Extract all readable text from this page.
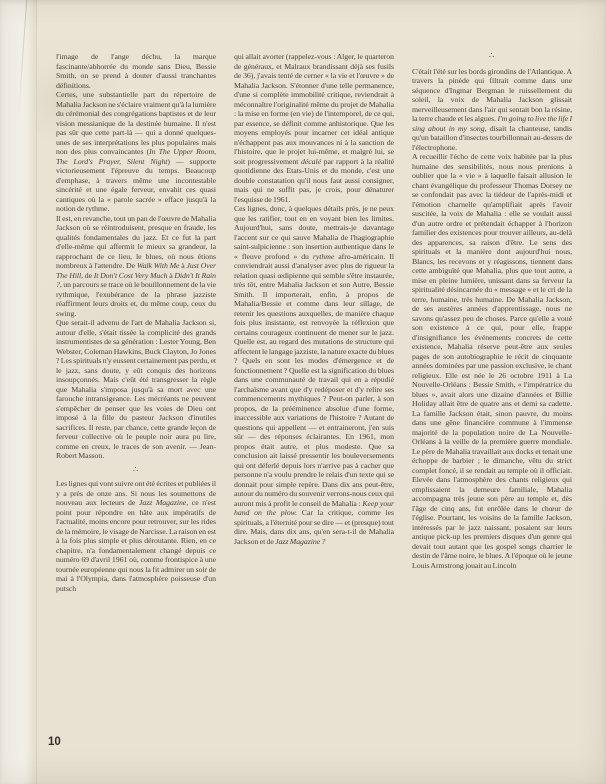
l'image de l'ange déchu, la marque fascinante/abhorrée du monde sans Dieu, Bessie Smith, on se prend à douter d'aussi tranchantes définitions.

Certes, une substantielle part du répertoire de Mahalia Jackson ne s'éclaire vraiment qu'à la lumière du cérémonial des congrégations baptistes et de leur vision messianique de la destinée humaine. Il n'est pas sûr que cette part-là — qui a donné quelques-unes de ses interprétations les plus populaires mais non des plus convaincantes (In The Upper Room, The Lord's Prayer, Silent Night) — supporte victorieusement l'épreuve du temps. Beaucoup d'emphase, à travers même une incontestable sincérité et une égale ferveur, envahit ces quasi cantiques où la « parole sacrée » efface jusqu'à la notion de rythme.

Il est, en revanche, tout un pan de l'œuvre de Mahalia Jackson où se réintroduisent, presque en fraude, les qualités fondamentales du jazz. Et ce fut la part d'elle-même qui affermit le mieux sa grandeur, la rapprochant de ce lieu, le blues, où nous étions nombreux à l'attendre. De Walk With Me à Just Over The Hill, de It Don't Cost Very Much à Didn't It Rain ?, un parcours se trace où le bouillonnement de la vie rythmique, l'exubérance de la phrase jazziste réaffirment leurs droits et, du même coup, ceux du swing.

Que serait-il advenu de l'art de Mahalia Jackson si, autour d'elle, s'était tissée la complicité des grands instrumentistes de sa génération : Lester Young, Ben Webster, Coleman Hawkins, Buck Clayton, Jo Jones ? Les spirituals n'y eussent certainement pas perdu, et le jazz, sans doute, y eût conquis des horizons insoupçonnés. Mais c'eût été transgresser la règle que Mahalia s'imposa jusqu'à sa mort avec une farouche intransigeance. Les mécréants ne peuvent s'empêcher de penser que les voies de Dieu ont imposé à la fille du pasteur Jackson d'inutiles sacrifices. Il reste, par chance, cette grande leçon de ferveur collective où le peuple noir aura pu lire, comme en creux, le traces de son avenir. — Jean-Robert Masson.

∴

Les lignes qui vont suivre ont été écrites et publiées il y a près de onze ans. Si nous les soumettons de nouveau aux lecteurs de Jazz Magazine, ce n'est point pour répondre en hâte aux impératifs de l'actualité, moins encore pour retrouver, sur les rides de la mémoire, le visage de Narcisse. La raison en est à la fois plus simple et plus déroutante. Rien, en ce chapitre, n'a fondamentalement changé depuis ce numéro 69 d'avril 1961 où, comme frontispice à une tournée européenne qui nous la fit admirer un soir de mai à l'Olympia, dans l'atmosphère poisseuse d'un putsch

qui allait avorter (rappelez-vous : Alger, le quarteron de généraux, et Malraux brandissant déjà ses fusils de 36), j'avais tenté de cerner « la vie et l'œuvre » de Mahalia Jackson. S'étonner d'une telle permanence, d'une si complète immobilité critique, reviendrait à méconnaître l'originalité même du projet de Mahalia : la mise en forme (en vie) de l'intemporel, de ce qui, par essence, se définit comme anhistorique. Que les moyens employés pour incarner cet idéal antique n'échappent pas aux mouvances ni à la sanction de l'histoire, que le projet lui-même, et malgré lui, se soit progressivement décalé par rapport à la réalité quotidienne des Etats-Unis et du monde, c'est une double constatation qu'il nous faut aussi consigner, mais qui ne suffit pas, je crois, pour dénaturer l'esquisse de 1961.

Ces lignes, donc, à quelques détails près, je ne peux que les ratifier, tout en en voyant bien les limites. Aujourd'hui, sans doute, mettrais-je davantage l'accent sur ce qui sauve Mahalia de l'hagiographie saint-sulpicienne : son insertion authentique dans le « fleuve profond » du rythme afro-américain. Il conviendrait aussi d'analyser avec plus de rigueur la relation quasi œdipienne qui semble s'être instaurée, très tôt, entre Mahalia Jackson et son Autre, Bessie Smith. Il importerait, enfin, à propos de Mahalia/Bessie et comme dans leur sillage, de retenir les questions auxquelles, de manière chaque fois plus insistante, est renvoyée la réflexion que certains courageux continuent de mener sur le jazz. Quelle est, au regard des mutations de structure qui affectent le langage jazziste, la nature exacte du blues ? Quels en sont les modes d'émergence et de fonctionnement ? Quelle est la signification du blues dans une communauté de travail qui en a répudié l'archaïsme avant que d'y redéposer et d'y relire ses commencements mythiques ? Peut-on parler, à son propos, de la prééminence absolue d'une forme, inaccessible aux variations de l'histoire ? Autant de questions qui appellent — et entraineront, j'en suis sûr — des réponses éclairantes. En 1961, mon propos était autre, et plus modeste. Que sa conclusion ait laissé pressentir les bouleversements qui ont déferlé depuis lors n'arrive pas à cacher que personne n'a voulu prendre le relais d'un texte qui se donnait pour simple repère. Dans dix ans peut-être, autour du numéro du souvenir verrons-nous ceux qui auront mis à profit le conseil de Mahalia : Keep your hand on the plow. Car la critique, comme les spirituals, a l'éternité pour se dire — et (presque) tout dire. Mais, dans dix ans, qu'en sera-t-il de Mahalia Jackson et de Jazz Magazine ?

∴

C'était l'été sur les bords girondins de l'Atlantique. A travers la pinède qui filtrait comme dans une séquence d'Ingmar Bergman le ruissellement du soleil, la voix de Mahalia Jackson glissait merveilleusement dans l'air qui sentait bon la résine, la terre chaude et les algues. I'm going to live the life I sing about in my song, disait la chanteuse, tandis qu'un bataillon d'insectes tourbillonnait au-dessus de l'électrophone.

A recueillir l'écho de cette voix habitée par la plus humaine des sensibilités, nous nous prenions à oublier que la « vie » à laquelle faisait allusion le chant évangélique du professeur Thomas Dorsey ne se confondait pas avec la tiédeur de l'après-midi et l'émotion charnelle qu'amplifiait après l'avoir suscitée, la voix de Mahalia : elle se voulait aussi d'un autre ordre et prétendait échapper à l'horizon familier des existences pour trouver ailleurs, au-delà des apparences, sa raison d'être. Le sens des spirituals et la manière dont aujourd'hui nous, Blancs, les recevons et y réagissons, tiennent dans cette ambiguïté que Mahalia, plus que tout autre, a mise en pleine lumière, unissant dans sa ferveur la spiritualité désincarnée du « message » et le cri de la terre, humaine, très humaine. De Mahalia Jackson, de ses austères années d'apprentissage, nous ne savons qu'assez peu de choses. Parce qu'elle a voué son existence à ce qui, pour elle, frappe d'insignifiance les événements concrets de cette existence, Mahalia réserve peut-être aux seules pages de son autobiographie le récit de cinquante années dominées par une passion exclusive, le chant religieux. Elle est née le 26 octobre 1911 à La Nouvelle-Orléans : Bessie Smith, « l'impératrice du blues », avait alors une dizaine d'années et Billie Holiday allait être de quatre ans et demi sa cadette. La famille Jackson était, sinon pauvre, du moins dans une gêne financière commune à l'immense majorité de la population noire de La Nouvelle-Orléans à la veille de la première guerre mondiale. Le père de Mahalia travaillait aux docks et tenait une échoppe de barbier ; le dimanche, vêtu du strict complet foncé, il se rendait au temple où il officiait. Elevée dans l'atmosphère des chants religieux qui emplissaient la demeure familiale, Mahalia accompagna très jeune son père au temple et, dès l'âge de cinq ans, fut enrôlée dans le chœur de l'église. Pourtant, les voisins de la famille Jackson, intéressés par le jazz naissant, posaient sur leurs antique pick-up les premiers disques d'un genre qui devait tout autant que les gospel songs charrier le destin de l'âme noire, le blues. A l'époque où le jeune Louis Armstrong jouait au Lincoln

10
